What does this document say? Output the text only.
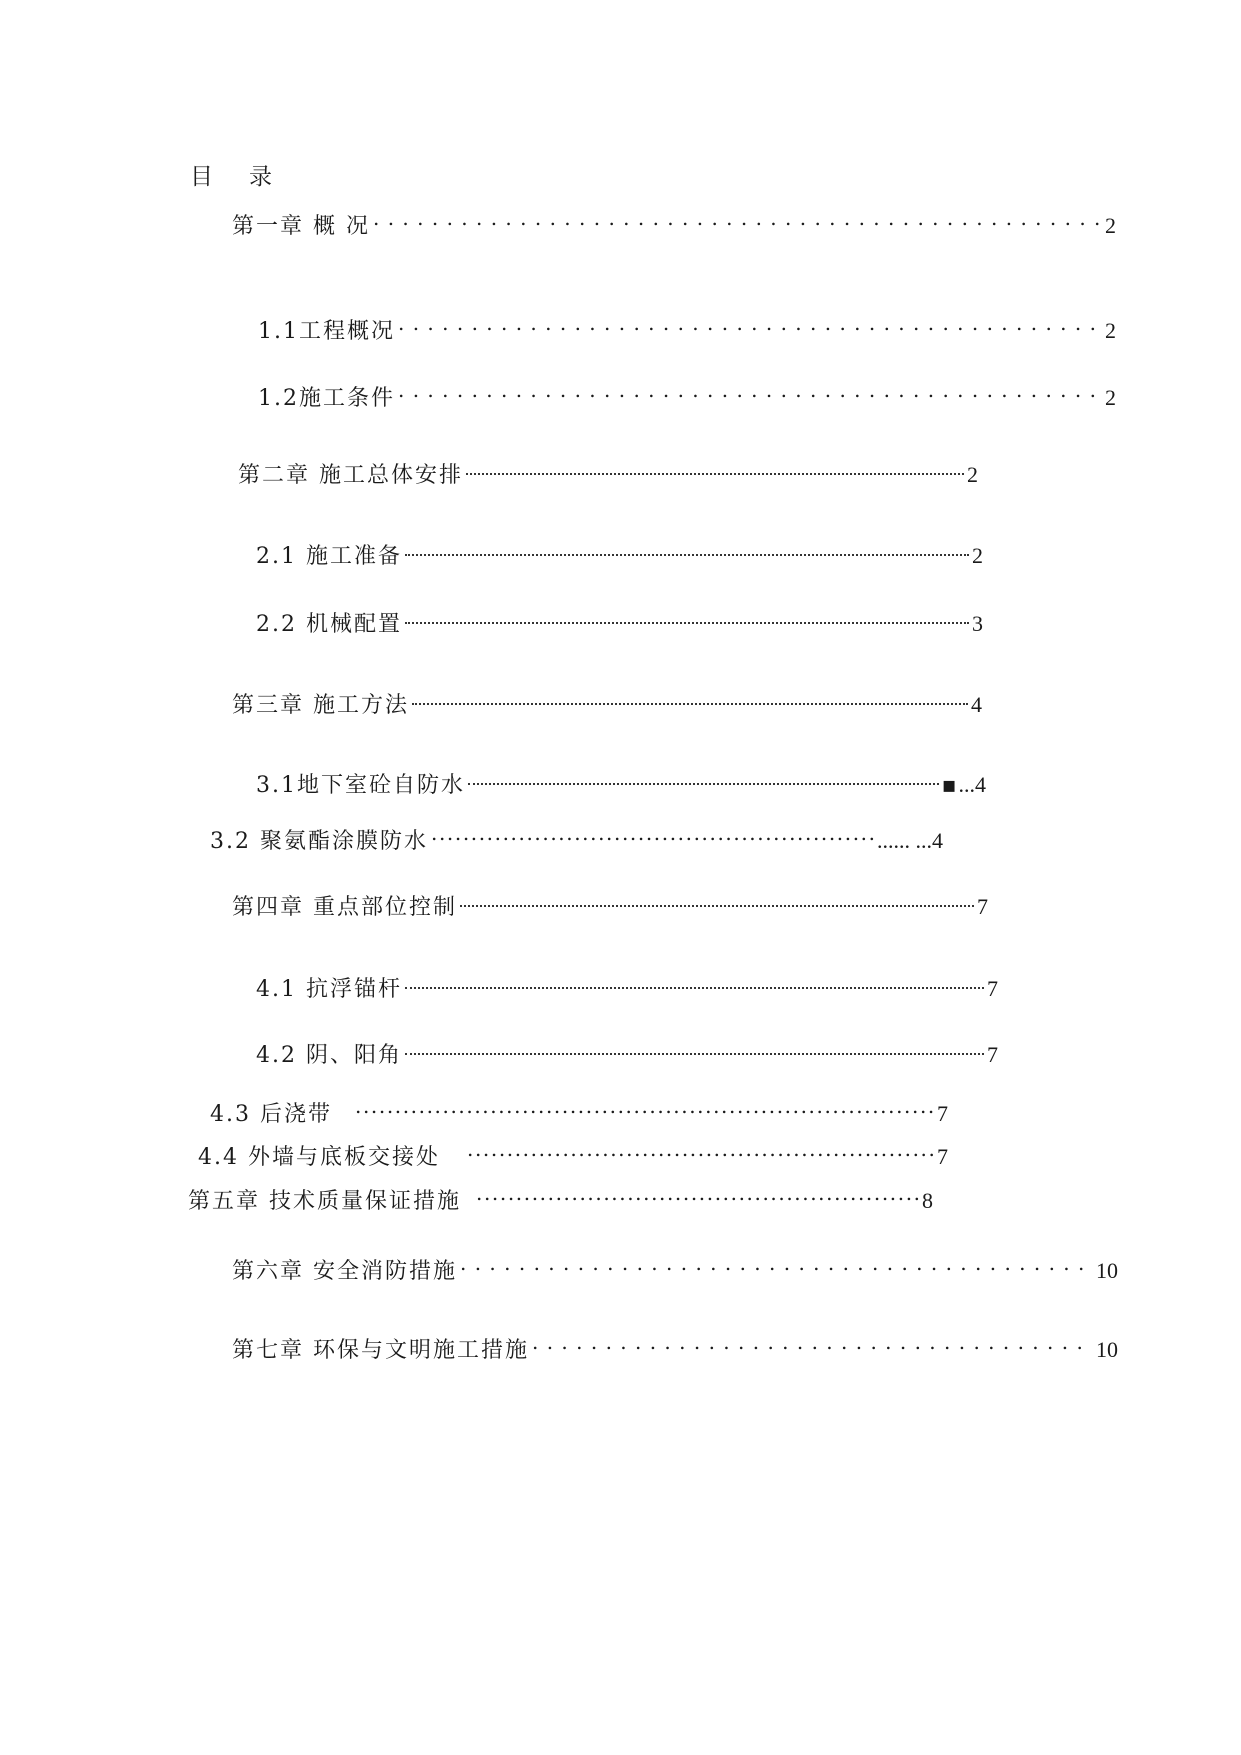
目 录
第一章 概 况 . . .	2
1.1工程概况 . . .	2
1.2施工条件 . . .	2
第二章 施工总体安排	2
2.1 施工准备	2
2.2 机械配置	3
第三章 施工方法	4
3.1地下室砼自防水	▪ ...4
3.2 聚氨酯涂膜防水 .....	...... ...4
第四章 重点部位控制	7
4.1 抗浮锚杆	7
4.2 阴、阳角	7
4.3 后浇带 .....	7
4.4 外墙与底板交接处 .....	7
第五章 技术质量保证措施 .....	8
第六章 安全消防措施 . . .	10
第七章 环保与文明施工措施 . . .	10
